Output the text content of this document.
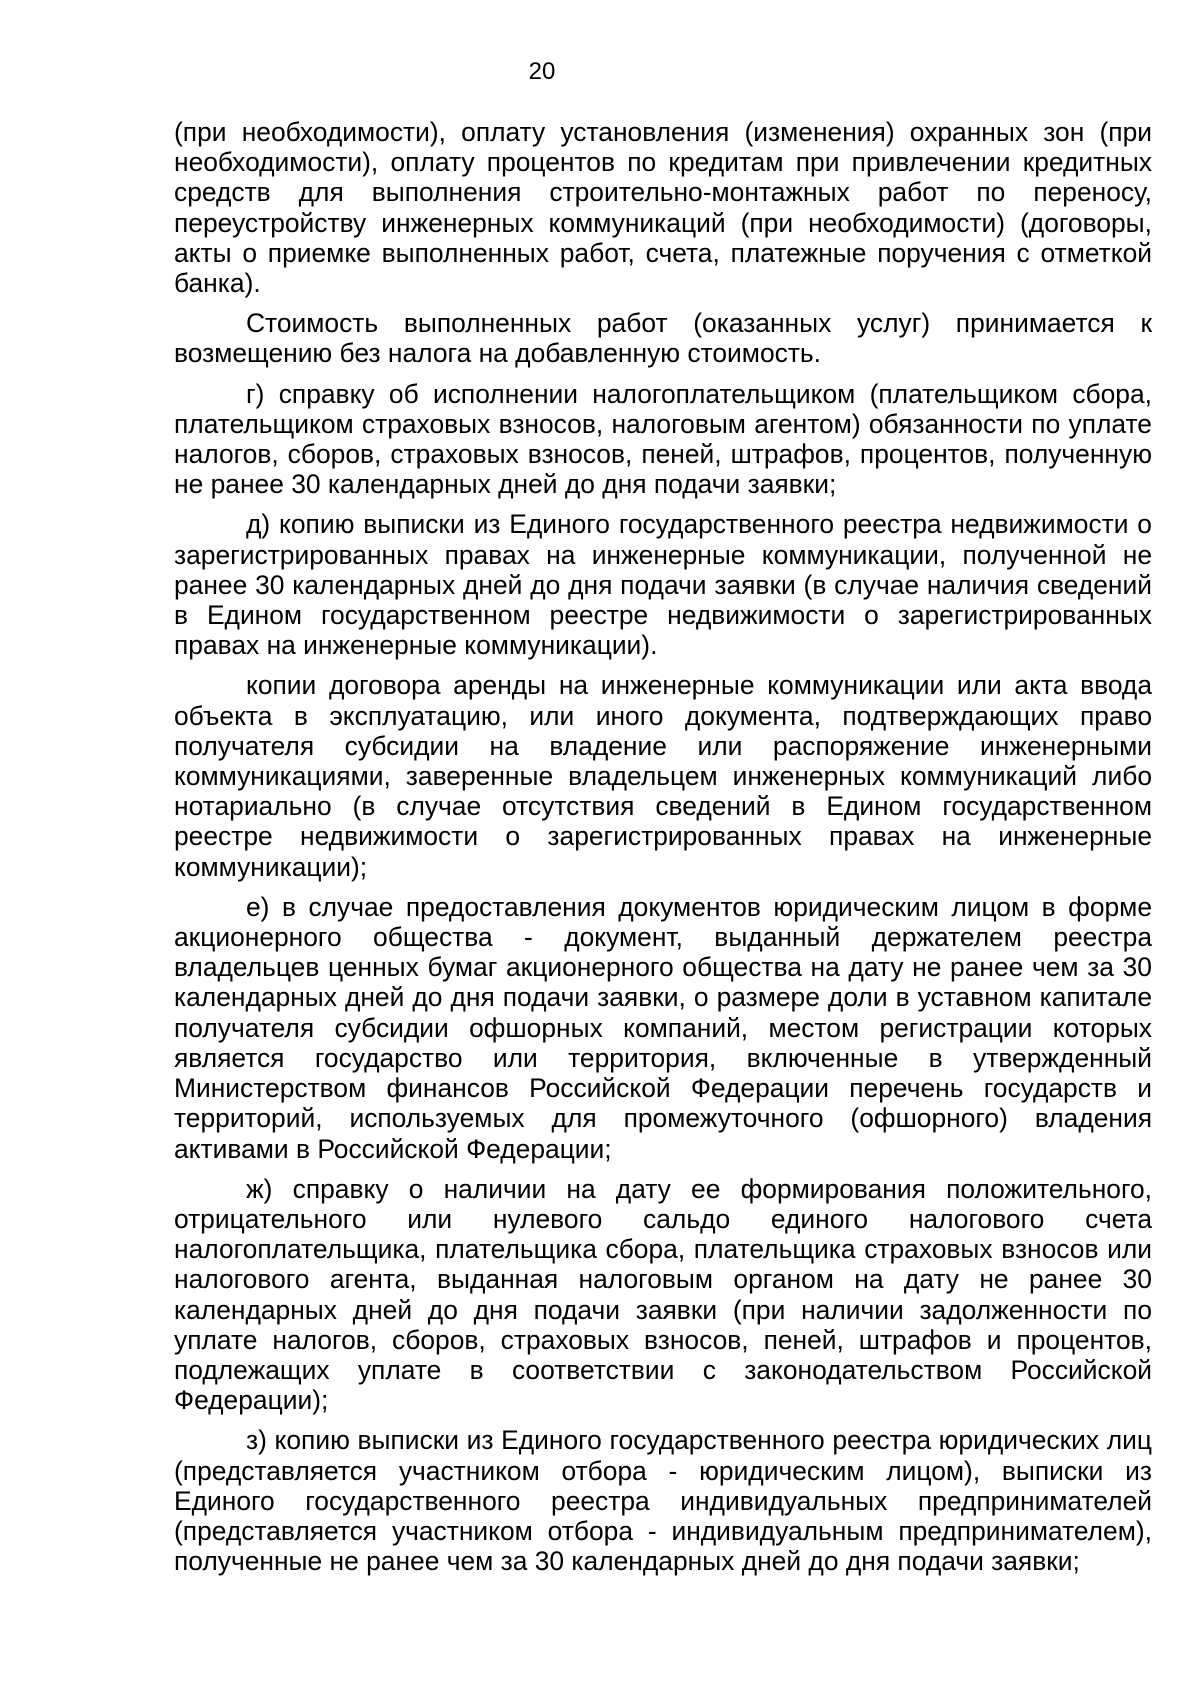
20

(при необходимости), оплату установления (изменения) охранных зон (при необходимости), оплату процентов по кредитам при привлечении кредитных средств для выполнения строительно-монтажных работ по переносу, переустройству инженерных коммуникаций (при необходимости) (договоры, акты о приемке выполненных работ, счета, платежные поручения с отметкой банка).

Стоимость выполненных работ (оказанных услуг) принимается к возмещению без налога на добавленную стоимость.

г) справку об исполнении налогоплательщиком (плательщиком сбора, плательщиком страховых взносов, налоговым агентом) обязанности по уплате налогов, сборов, страховых взносов, пеней, штрафов, процентов, полученную не ранее 30 календарных дней до дня подачи заявки;

д) копию выписки из Единого государственного реестра недвижимости о зарегистрированных правах на инженерные коммуникации, полученной не ранее 30 календарных дней до дня подачи заявки (в случае наличия сведений в Едином государственном реестре недвижимости о зарегистрированных правах на инженерные коммуникации).

копии договора аренды на инженерные коммуникации или акта ввода объекта в эксплуатацию, или иного документа, подтверждающих право получателя субсидии на владение или распоряжение инженерными коммуникациями, заверенные владельцем инженерных коммуникаций либо нотариально (в случае отсутствия сведений в Едином государственном реестре недвижимости о зарегистрированных правах на инженерные коммуникации);

е) в случае предоставления документов юридическим лицом в форме акционерного общества - документ, выданный держателем реестра владельцев ценных бумаг акционерного общества на дату не ранее чем за 30 календарных дней до дня подачи заявки, о размере доли в уставном капитале получателя субсидии офшорных компаний, местом регистрации которых является государство или территория, включенные в утвержденный Министерством финансов Российской Федерации перечень государств и территорий, используемых для промежуточного (офшорного) владения активами в Российской Федерации;

ж) справку о наличии на дату ее формирования положительного, отрицательного или нулевого сальдо единого налогового счета налогоплательщика, плательщика сбора, плательщика страховых взносов или налогового агента, выданная налоговым органом на дату не ранее 30 календарных дней до дня подачи заявки (при наличии задолженности по уплате налогов, сборов, страховых взносов, пеней, штрафов и процентов, подлежащих уплате в соответствии с законодательством Российской Федерации);

з) копию выписки из Единого государственного реестра юридических лиц (представляется участником отбора - юридическим лицом), выписки из Единого государственного реестра индивидуальных предпринимателей (представляется участником отбора - индивидуальным предпринимателем), полученные не ранее чем за 30 календарных дней до дня подачи заявки;
